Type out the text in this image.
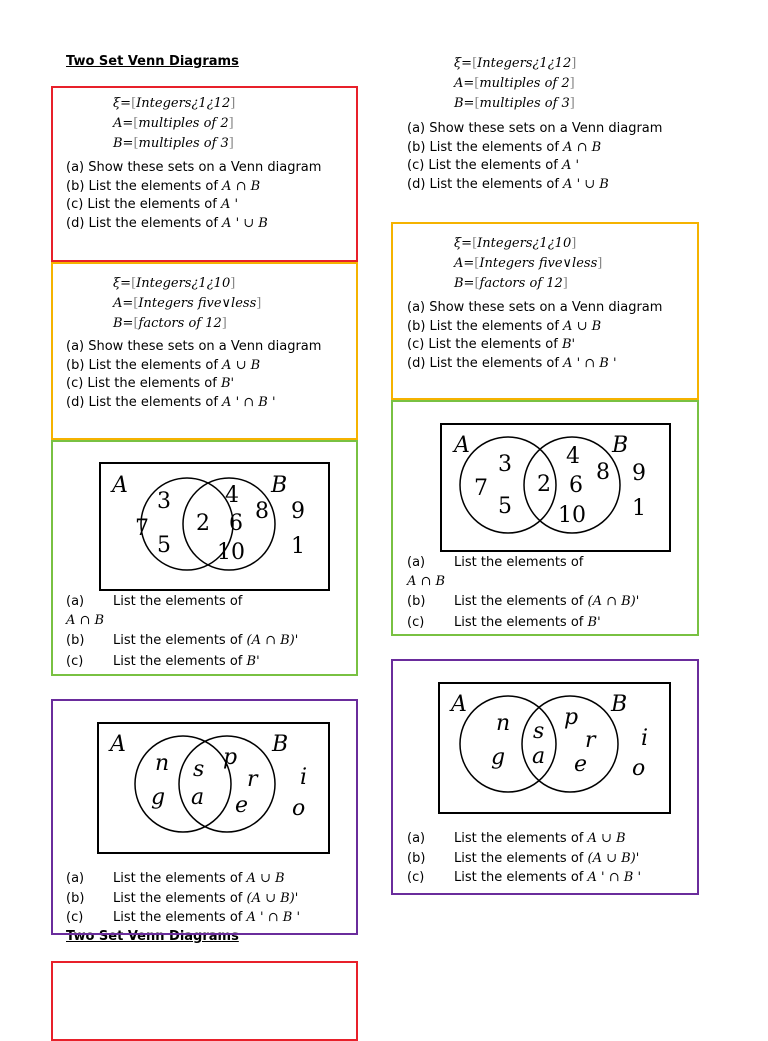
Two Set Venn Diagrams
Two Set Venn Diagrams
ξ=[Integers¿1¿12]
A=[multiples of 2]
B=[multiples of 3]
(a) Show these sets on a Venn diagram
(b) List the elements of A ∩ B
(c) List the elements of A '
(d) List the elements of A ' ∪ B
ξ=[Integers¿1¿10]
A=[Integers five∨less]
B=[factors of 12]
(a) Show these sets on a Venn diagram
(b) List the elements of A ∪ B
(c) List the elements of B'
(d) List the elements of A ' ∩ B '
A	B
3
7
5
2
4
6 8
10
9
1
(a) List the elements of
A ∩ B
(b) List the elements of (A ∩ B)'
(c) List the elements of B'
A	B
n
g
s
a
p
r
e
i
o
(a) List the elements of A ∪ B
(b) List the elements of (A ∪ B)'
(c) List the elements of A ' ∩ B '
ξ=[Integers¿1¿12]
A=[multiples of 2]
B=[multiples of 3]
(a) Show these sets on a Venn diagram
(b) List the elements of A ∩ B
(c) List the elements of A '
(d) List the elements of A ' ∪ B
ξ=[Integers¿1¿10]
A=[Integers five∨less]
B=[factors of 12]
(a) Show these sets on a Venn diagram
(b) List the elements of A ∪ B
(c) List the elements of B'
(d) List the elements of A ' ∩ B '
A	B
3
7
5
2
4
6
8
10
9
1
(a) List the elements of
A ∩ B
(b) List the elements of (A ∩ B)'
(c) List the elements of B'
A	B
n
g
s
a
p
r
e
i
o
(a) List the elements of A ∪ B
(b) List the elements of (A ∪ B)'
(c) List the elements of A ' ∩ B '
